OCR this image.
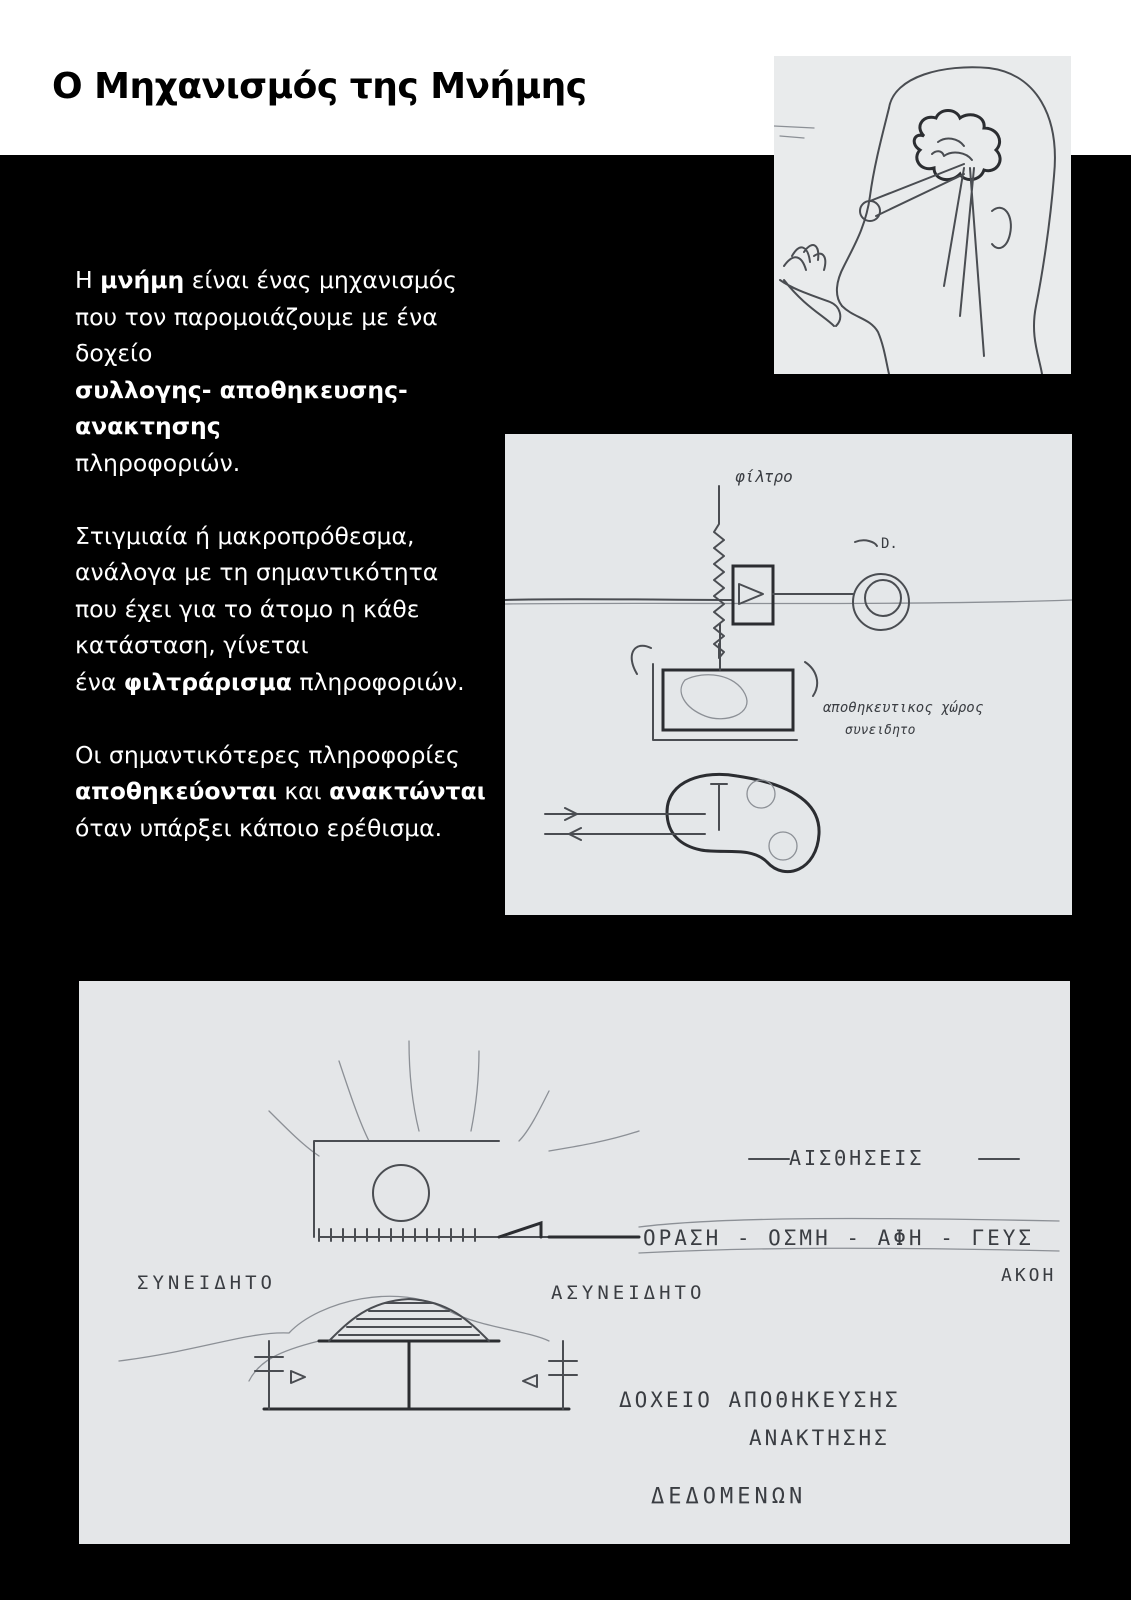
Ο Μηχανισμός της Μνήμης

Η μνήμη είναι ένας μηχανισμός
που τον παρομοιάζουμε με ένα
δοχείο
συλλογης- αποθηκευσης-
ανακτησης
πληροφοριών.

Στιγμιαία ή μακροπρόθεσμα,
ανάλογα με τη σημαντικότητα
που έχει για το άτομο η κάθε
κατάσταση, γίνεται
ένα φιλτράρισμα πληροφοριών.

Οι σημαντικότερες πληροφορίες
αποθηκεύονται και ανακτώνται
όταν υπάρξει κάποιο ερέθισμα.

φίλτρο
D.
αποθηκευτικος χώρος
συνειδητο
ΑΙΣΘΗΣΕΙΣ
ΟΡΑΣΗ - ΟΣΜΗ - ΑΦΗ - ΓΕΥΣ
ΑΚΟΗ
ΣΥΝΕΙΔΗΤΟ	ΑΣΥΝΕΙΔΗΤΟ
ΔΟΧΕΙΟ ΑΠΟΘΗΚΕΥΣΗΣ
ΑΝΑΚΤΗΣΗΣ
ΔΕΔΟΜΕΝΩΝ
